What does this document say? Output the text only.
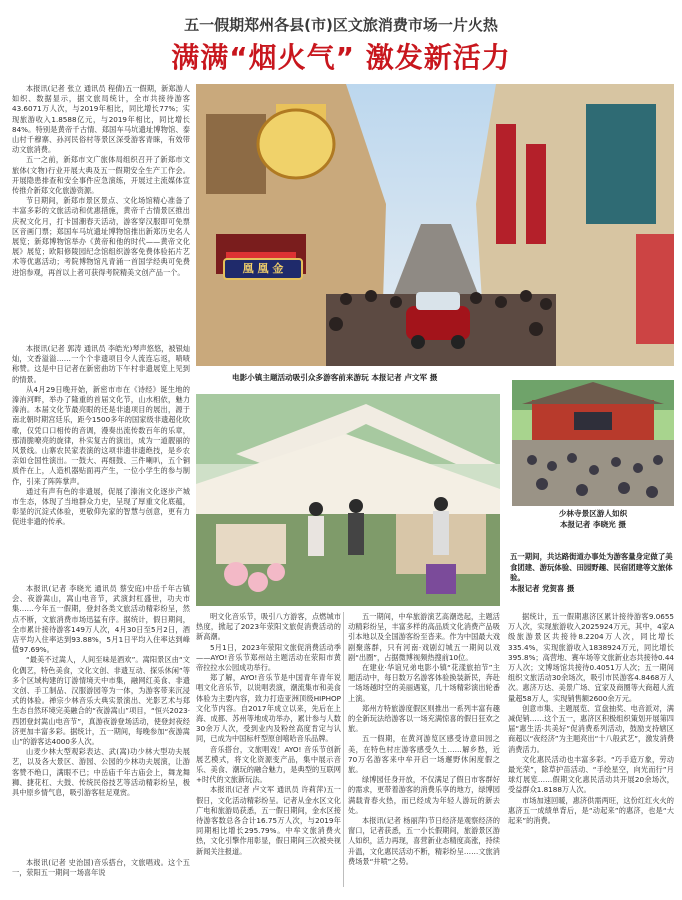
五一假期郑州各县(市)区文旅消费市场一片火热
满满“烟火气” 激发新活力

本报讯(记者 张立 通讯员 程倩)五一假期，新郑游人如织、数据显示，据文旅局统计，全市共接待游客43.6071万人次，与2019年相比，同比增长77%；实现旅游收入1.8588亿元，与2019年相比，同比增长84%。特别是黄帝千古情、郑国车马坑遗址博物馆、泰山村千穆寨、孙河民俗村等景区深受游客青睐，有效带动文旅消费。

五一之前，新郑市文广旅体局组织召开了新郑市文旅体(文物)行业开展大典及五一假期安全生产工作会。开展隐患排查和安全事件应急演练，开展过主流媒体宣传推介新郑文化旅游资源。

节日期间，新郑市景区景点、文化场馆精心准备了丰富多彩的文旅活动和优惠措施，黄帝千古情景区推出庆祝文化月，打卡国潮春天活动，游客穿汉服即可免票区音画门票；郑国车马坑遗址博物馆推出新郑历史名人展览；新郑博物馆举办《黄帝和他的时代——黄帝文化展》展览；欧阳修陵园纪念馆组织游客免费体验拓片艺术等优惠活动；考院博物馆凡青涌一首国学经典可免费进馆参观，再首以上者可获得考院精美文创产品一个。

本报讯(记者 郭涛 通讯员 李皓光)琴声悠悠，被银灿灿，文香溢溢……一个个非遗项目令人流连忘返，啧啧称赞。这是中日记者在新密曲坊下午村非遗展览上见到的情景。

从4月29日晚开始，新密市市在《诗经》诞生地的溱洧河畔，举办了隆重的首届文化节，山水相依，魅力溱洧。本届文化节最亮眼的还是非遗项目的展出，源于南北朝时期宫廷乐，距今1500多年的国家级非遗超化吹歌，仅凭口口相传的音调，漫奏出流传数百年的乐章，那清脆嘹亮的旋律，朴实复古的演出，成为一道靓丽的风景线。山寨农民家表演的这项非遗非遗绝技，是乡农亲如仓国性演出。一鼓大、再细鼓、三件喇叭，五个铜质件在上，人造机器贴面再产生，一位小学生的参与制作，引来了阵阵掌声。

通过有声有色的非遗展，促展了溱洧文化逐步产城市生态，体现了当地群众力史，呈现了厚重文化底蕴，彰显的沉淀式体验，更敬仰先家的智慧与创意，更有力促进非遗的传承。

本报讯(记者 李晓光 通讯员 蔡安庭)中岳千年古镇会、夜游嵩山，嵩山电音节，武演封杠盛世，功夫市集……今年五一假期，登封各类文旅活动精彩纷呈，然点不断，文旅消费市场迅猛有序。据统计，假日期间，全市累计接待游客149万人次，4月30日至5月2日，酒店平均入住率达到93.88%，5月1日平均入住率达到峰值97.69%。

“最美不过嵩人，人间至味是酒欢”。嵩阳景区由“文化偶艺，特色美食，文化文创、非遗互动、探乐休闲”等多个区域构建的订游情境天中市集，融网红美食、非遗文创、手工制品、汉服游园等为一体，为游客带来沉浸式的体验。禅宗少林音乐大典实景演出、光影艺术与郑生态自然环境完美融合的“夜游嵩山”项目，“恒兴2023·西团登封嵩山电音节”，真游夜游登场活动，使登封夜经济更加丰富多彩。据统计，五一期间，每晚参加“夜游嵩山”的游客达4000多人次。

山麦少林大型观彩表达、武(嵩)功少林大型功夫展艺，以及各大景区、游园、公园的少林功夫展演，让游客赞不绝口，满眼不已；中岳庙千年古庙会上，舞龙舞狮、捷花杠、大鼓、传统民俗技艺等活动精彩纷呈，极具中原乡情气息，吸引游客驻足观赏。

本报讯(记者 史治国)音乐搭台，文旅唱戏。这个五一，荥阳五一期间一场喜年说

凰 凰 金
电影小镇主题活动吸引众多游客前来游玩 本报记者 卢文军 摄
少林寺景区游人如织
本报记者 李晓光 摄
五一期间，共达路街道办事处为游客量身定做了美食团建、游玩体验、田园野趣、民宿团建等文旅体验。
本报记者 党贺喜 摄

明文化音乐节，吸引八方游客，点燃城市热度，掀起了2023年荥阳文旅促消费活动的新高潮。

5月1日，2023年荥阳文旅促消费活动季——AYO!音乐节郑州站主题活动在荥阳市黄帝拉拉水公园成功举行。

郑了解，AYO!音乐节是中国青年青年说唱文化音乐节，以说唱表演，潮流集市和美食体验为主要内容，致力打造亚洲顶级HIPHOP文化节内容。自2017年成立以来，先后在上海、成都、苏州等地成功举办，累计参与人数30余万人次，受到业内及粉丝高度肯定与认同，已成为中国标杆型原创嘻哈音乐品牌。

音乐搭台，文旅唱戏！AYO! 音乐节创新展艺模式，将文化资源变产品，集中展示音乐、美食、潮玩的融合魅力，是典型的互联网+时代的文旅新玩法。

本报讯(记者 卢文军 通讯员 许莉萍)五一假日，文化活动精彩纷呈。记者从金水区文化广电和旅游局获悉，五一假日期间，金水区接待游客数总各合计16.75万人次，与2019年同期相比增长295.79%。中牟文旅消费火热，文化引擎作用彰显，假日期间三次被央视新闻关注报道。

五一期间，中牟旅游演艺高潮迭起，主题活动精彩纷呈，丰富多样的高品质文化消费产品吸引本地以及全国游客纷至沓来。作为中国最大戏剧聚落群，只有河南·戏剧幻城五一期间以戏剧“出圈”，占据微博视频热搜前10位。

在建业·华谊兄弟电影小镇“花漾旅拍节”主题活动中，每日数万名游客体验换装新民，奔赴一场场越时空的美丽遇宴，几十场精彩演出轮番上演。

郑州方特旅游度假区则推出一系列丰富有趣的全新玩法给游客以一场充满惊喜的假日狂欢之旅。

五一假期，在黄河游览区感受诗意田园之美，在特色村庄游客感受久土……解乡愁，近70万名游客来中牟开启一场邂野休闲度假之旅。

绿博园任身开放，不仅满足了假日市客群好的需求，更带着游客的消费乐享的地方，绿博园满载青春火热，而已经成为年轻人游玩的新去处。

本报讯(记者 杨丽萍)节日经济是观察经济的窗口，记者获悉，五一小长假期间，旅游景区游人如织，活力再现，喜营新业态精度高涨，持续升温，文化惠民活动不断，精彩纷呈……文旅消费场景“井喷”之势。

据统计，五一假期惠济区累计接待游客9.0655万人次，实现旅游收入2025924万元，其中，4家A级旅游景区共接待8.2204万人次，同比增长335.4%，实现旅游收入1838924万元，同比增长395.8%；高营地、赛车场等文旅新业态共接待0.44万人次；文博场馆共接待0.4051万人次；五一期间组织文旅活动30余场次，吸引市民游客4.8468万人次。惠济万达、美景广场、宜家及商圈等大商超人流量超58万人，实现销售额2600余万元。

创意市集、主题展览、宣盘抽奖、电音派对，满减促销……这个五一，惠济区积极组织策划开展第四届“惠生活·共美好”促消费系列活动，鼓励支持辖区商超以“夜经济”为主题亮出“十八般武艺”，激发消费消费活力。

文化惠民活动也丰富多彩。“巧手造万象，劳动最光荣”，除草护苗活动、“手绘星空，向光而行”月球灯展览……假期文化惠民活动共开展20余场次，受益群众1.8188万人次。

市场加速回暖，惠济供需两旺，这份红红火火的惠济五一成绩单背后，是“动起来”的惠济，也是“大起来”的消费。
